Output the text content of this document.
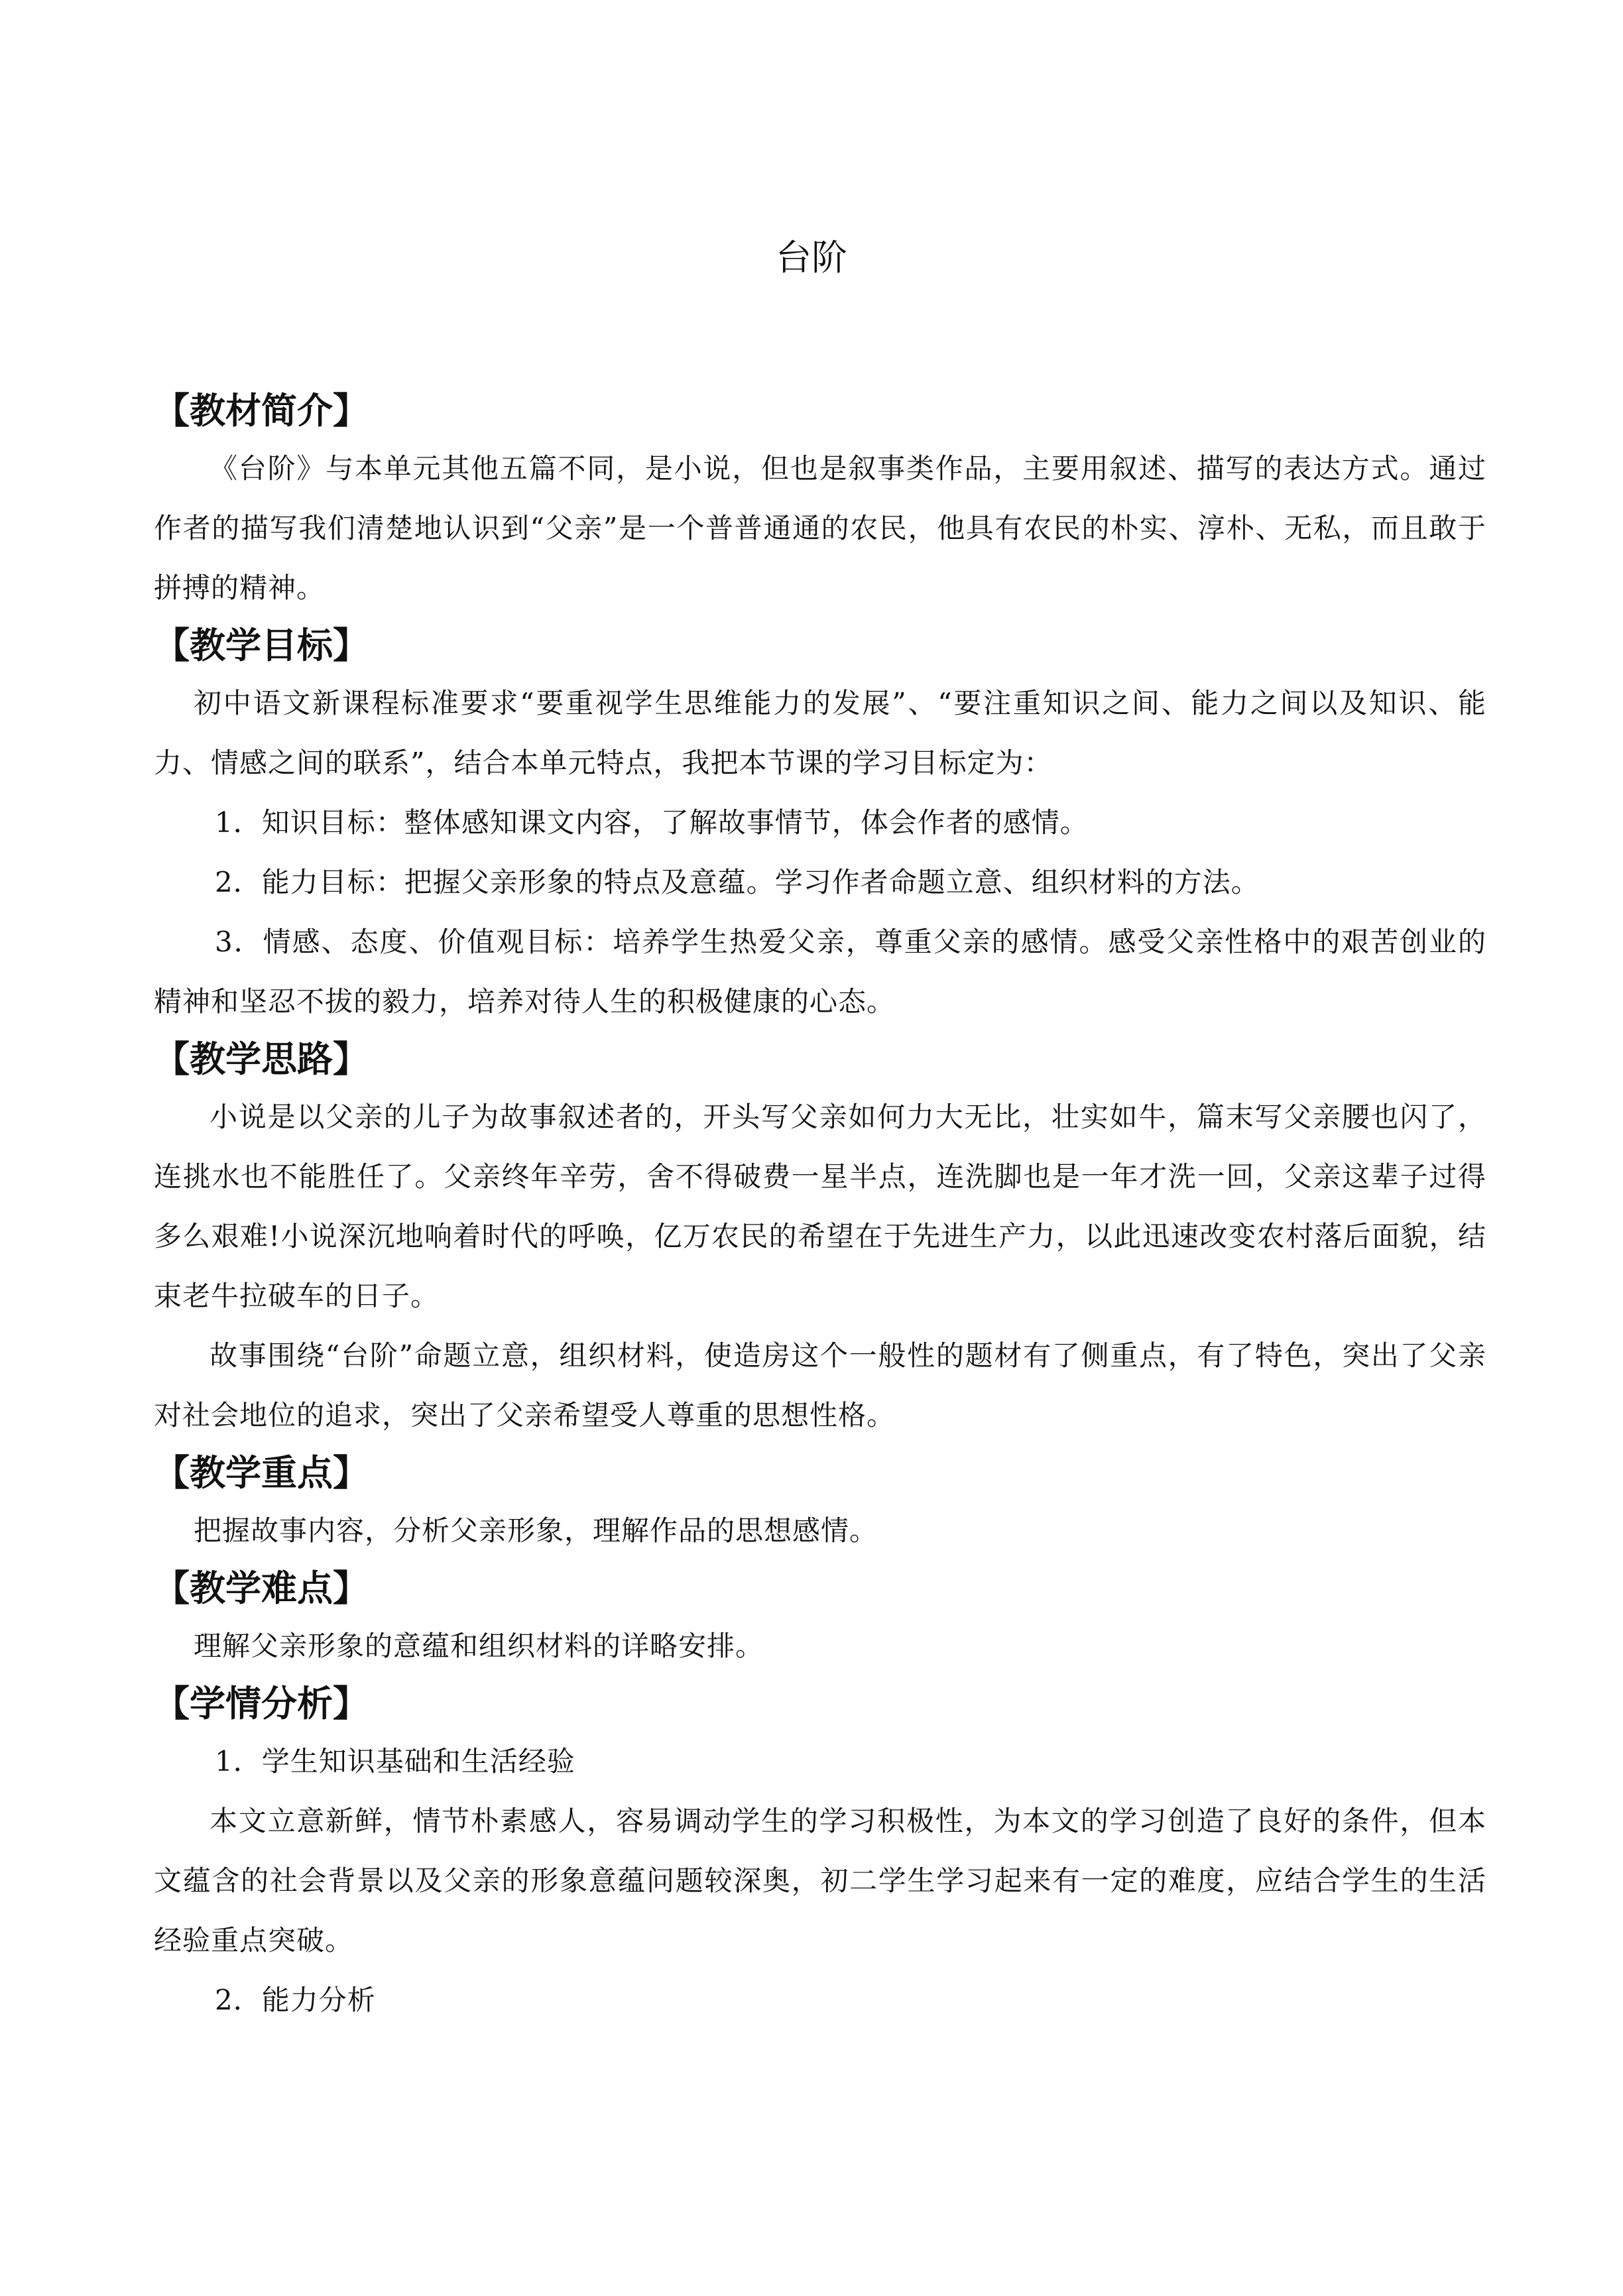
台阶
【教材简介】

《台阶》与本单元其他五篇不同，是小说，但也是叙事类作品，主要用叙述、描写的表达方式。通过作者的描写我们清楚地认识到“父亲”是一个普普通通的农民，他具有农民的朴实、淳朴、无私，而且敢于拼搏的精神。

【教学目标】

初中语文新课程标准要求“要重视学生思维能力的发展”、“要注重知识之间、能力之间以及知识、能力、情感之间的联系”，结合本单元特点，我把本节课的学习目标定为：

1．知识目标：整体感知课文内容，了解故事情节，体会作者的感情。

2．能力目标：把握父亲形象的特点及意蕴。学习作者命题立意、组织材料的方法。

3．情感、态度、价值观目标：培养学生热爱父亲，尊重父亲的感情。感受父亲性格中的艰苦创业的精神和坚忍不拔的毅力，培养对待人生的积极健康的心态。

【教学思路】

小说是以父亲的儿子为故事叙述者的，开头写父亲如何力大无比，壮实如牛，篇末写父亲腰也闪了，连挑水也不能胜任了。父亲终年辛劳，舍不得破费一星半点，连洗脚也是一年才洗一回，父亲这辈子过得多么艰难!小说深沉地响着时代的呼唤，亿万农民的希望在于先进生产力，以此迅速改变农村落后面貌，结束老牛拉破车的日子。

故事围绕“台阶”命题立意，组织材料，使造房这个一般性的题材有了侧重点，有了特色，突出了父亲对社会地位的追求，突出了父亲希望受人尊重的思想性格。

【教学重点】

把握故事内容，分析父亲形象，理解作品的思想感情。

【教学难点】

理解父亲形象的意蕴和组织材料的详略安排。

【学情分析】

1．学生知识基础和生活经验

本文立意新鲜，情节朴素感人，容易调动学生的学习积极性，为本文的学习创造了良好的条件，但本文蕴含的社会背景以及父亲的形象意蕴问题较深奥，初二学生学习起来有一定的难度，应结合学生的生活经验重点突破。

2．能力分析
